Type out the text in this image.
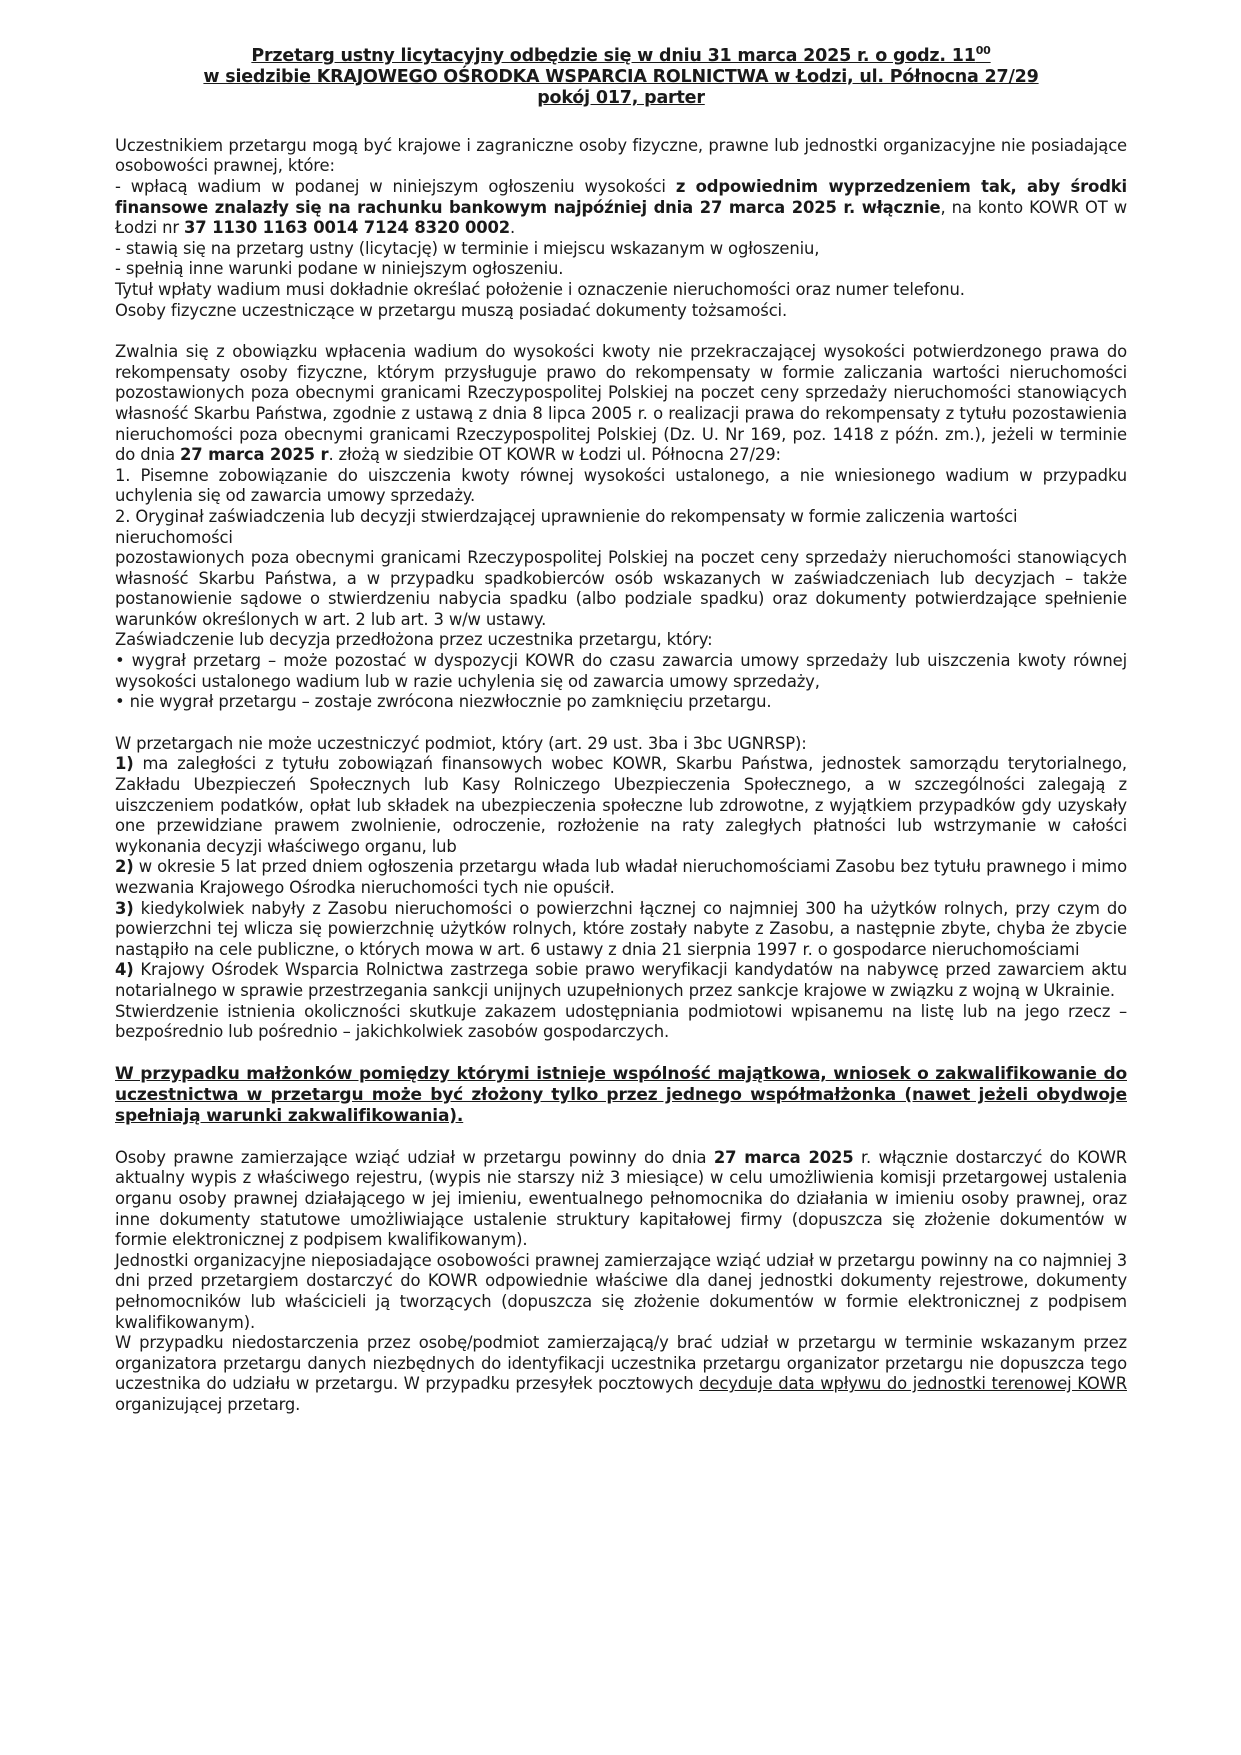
Przetarg ustny licytacyjny odbędzie się w dniu 31 marca 2025 r. o godz. $11^{00}$
w siedzibie KRAJOWEGO OŚRODKA WSPARCIA ROLNICTWA w Łodzi, ul. Północna 27/29
pokój 017, parter

Uczestnikiem przetargu mogą być krajowe i zagraniczne osoby fizyczne, prawne lub jednostki organizacyjne nie posiadające osobowości prawnej, które:

- wpłacą wadium w podanej w niniejszym ogłoszeniu wysokości z odpowiednim wyprzedzeniem tak, aby środki finansowe znalazły się na rachunku bankowym najpóźniej dnia 27 marca 2025 r. włącznie, na konto KOWR OT w Łodzi nr 37 1130 1163 0014 7124 8320 0002.

- stawią się na przetarg ustny (licytację) w terminie i miejscu wskazanym w ogłoszeniu,

- spełnią inne warunki podane w niniejszym ogłoszeniu.

Tytuł wpłaty wadium musi dokładnie określać położenie i oznaczenie nieruchomości oraz numer telefonu.

Osoby fizyczne uczestniczące w przetargu muszą posiadać dokumenty tożsamości.

Zwalnia się z obowiązku wpłacenia wadium do wysokości kwoty nie przekraczającej wysokości potwierdzonego prawa do rekompensaty osoby fizyczne, którym przysługuje prawo do rekompensaty w formie zaliczania wartości nieruchomości pozostawionych poza obecnymi granicami Rzeczypospolitej Polskiej na poczet ceny sprzedaży nieruchomości stanowiących własność Skarbu Państwa, zgodnie z ustawą z dnia 8 lipca 2005 r. o realizacji prawa do rekompensaty z tytułu pozostawienia nieruchomości poza obecnymi granicami Rzeczypospolitej Polskiej (Dz. U. Nr 169, poz. 1418 z późn. zm.), jeżeli w terminie do dnia 27 marca 2025 r. złożą w siedzibie OT KOWR w Łodzi ul. Północna 27/29:

1. Pisemne zobowiązanie do uiszczenia kwoty równej wysokości ustalonego, a nie wniesionego wadium w przypadku uchylenia się od zawarcia umowy sprzedaży.

2. Oryginał zaświadczenia lub decyzji stwierdzającej uprawnienie do rekompensaty w formie zaliczenia wartości nieruchomości

pozostawionych poza obecnymi granicami Rzeczypospolitej Polskiej na poczet ceny sprzedaży nieruchomości stanowiących własność Skarbu Państwa, a w przypadku spadkobierców osób wskazanych w zaświadczeniach lub decyzjach – także postanowienie sądowe o stwierdzeniu nabycia spadku (albo podziale spadku) oraz dokumenty potwierdzające spełnienie warunków określonych w art. 2 lub art. 3 w/w ustawy.

Zaświadczenie lub decyzja przedłożona przez uczestnika przetargu, który:

• wygrał przetarg – może pozostać w dyspozycji KOWR do czasu zawarcia umowy sprzedaży lub uiszczenia kwoty równej wysokości ustalonego wadium lub w razie uchylenia się od zawarcia umowy sprzedaży,

• nie wygrał przetargu – zostaje zwrócona niezwłocznie po zamknięciu przetargu.

W przetargach nie może uczestniczyć podmiot, który (art. 29 ust. 3ba i 3bc UGNRSP):

1) ma zaległości z tytułu zobowiązań finansowych wobec KOWR, Skarbu Państwa, jednostek samorządu terytorialnego, Zakładu Ubezpieczeń Społecznych lub Kasy Rolniczego Ubezpieczenia Społecznego, a w szczególności zalegają z uiszczeniem podatków, opłat lub składek na ubezpieczenia społeczne lub zdrowotne, z wyjątkiem przypadków gdy uzyskały one przewidziane prawem zwolnienie, odroczenie, rozłożenie na raty zaległych płatności lub wstrzymanie w całości wykonania decyzji właściwego organu, lub

2) w okresie 5 lat przed dniem ogłoszenia przetargu włada lub władał nieruchomościami Zasobu bez tytułu prawnego i mimo wezwania Krajowego Ośrodka nieruchomości tych nie opuścił.

3) kiedykolwiek nabyły z Zasobu nieruchomości o powierzchni łącznej co najmniej 300 ha użytków rolnych, przy czym do powierzchni tej wlicza się powierzchnię użytków rolnych, które zostały nabyte z Zasobu, a następnie zbyte, chyba że zbycie nastąpiło na cele publiczne, o których mowa w art. 6 ustawy z dnia 21 sierpnia 1997 r. o gospodarce nieruchomościami

4) Krajowy Ośrodek Wsparcia Rolnictwa zastrzega sobie prawo weryfikacji kandydatów na nabywcę przed zawarciem aktu notarialnego w sprawie przestrzegania sankcji unijnych uzupełnionych przez sankcje krajowe w związku z wojną w Ukrainie.

Stwierdzenie istnienia okoliczności skutkuje zakazem udostępniania podmiotowi wpisanemu na listę lub na jego rzecz – bezpośrednio lub pośrednio – jakichkolwiek zasobów gospodarczych.

W przypadku małżonków pomiędzy którymi istnieje wspólność majątkowa, wniosek o zakwalifikowanie do uczestnictwa w przetargu może być złożony tylko przez jednego współmałżonka (nawet jeżeli obydwoje spełniają warunki zakwalifikowania).

Osoby prawne zamierzające wziąć udział w przetargu powinny do dnia 27 marca 2025 r. włącznie dostarczyć do KOWR aktualny wypis z właściwego rejestru, (wypis nie starszy niż 3 miesiące) w celu umożliwienia komisji przetargowej ustalenia organu osoby prawnej działającego w jej imieniu, ewentualnego pełnomocnika do działania w imieniu osoby prawnej, oraz inne dokumenty statutowe umożliwiające ustalenie struktury kapitałowej firmy (dopuszcza się złożenie dokumentów w formie elektronicznej z podpisem kwalifikowanym).

Jednostki organizacyjne nieposiadające osobowości prawnej zamierzające wziąć udział w przetargu powinny na co najmniej 3 dni przed przetargiem dostarczyć do KOWR odpowiednie właściwe dla danej jednostki dokumenty rejestrowe, dokumenty pełnomocników lub właścicieli ją tworzących (dopuszcza się złożenie dokumentów w formie elektronicznej z podpisem kwalifikowanym).

W przypadku niedostarczenia przez osobę/podmiot zamierzającą/y brać udział w przetargu w terminie wskazanym przez organizatora przetargu danych niezbędnych do identyfikacji uczestnika przetargu organizator przetargu nie dopuszcza tego uczestnika do udziału w przetargu. W przypadku przesyłek pocztowych decyduje data wpływu do jednostki terenowej KOWR organizującej przetarg.
